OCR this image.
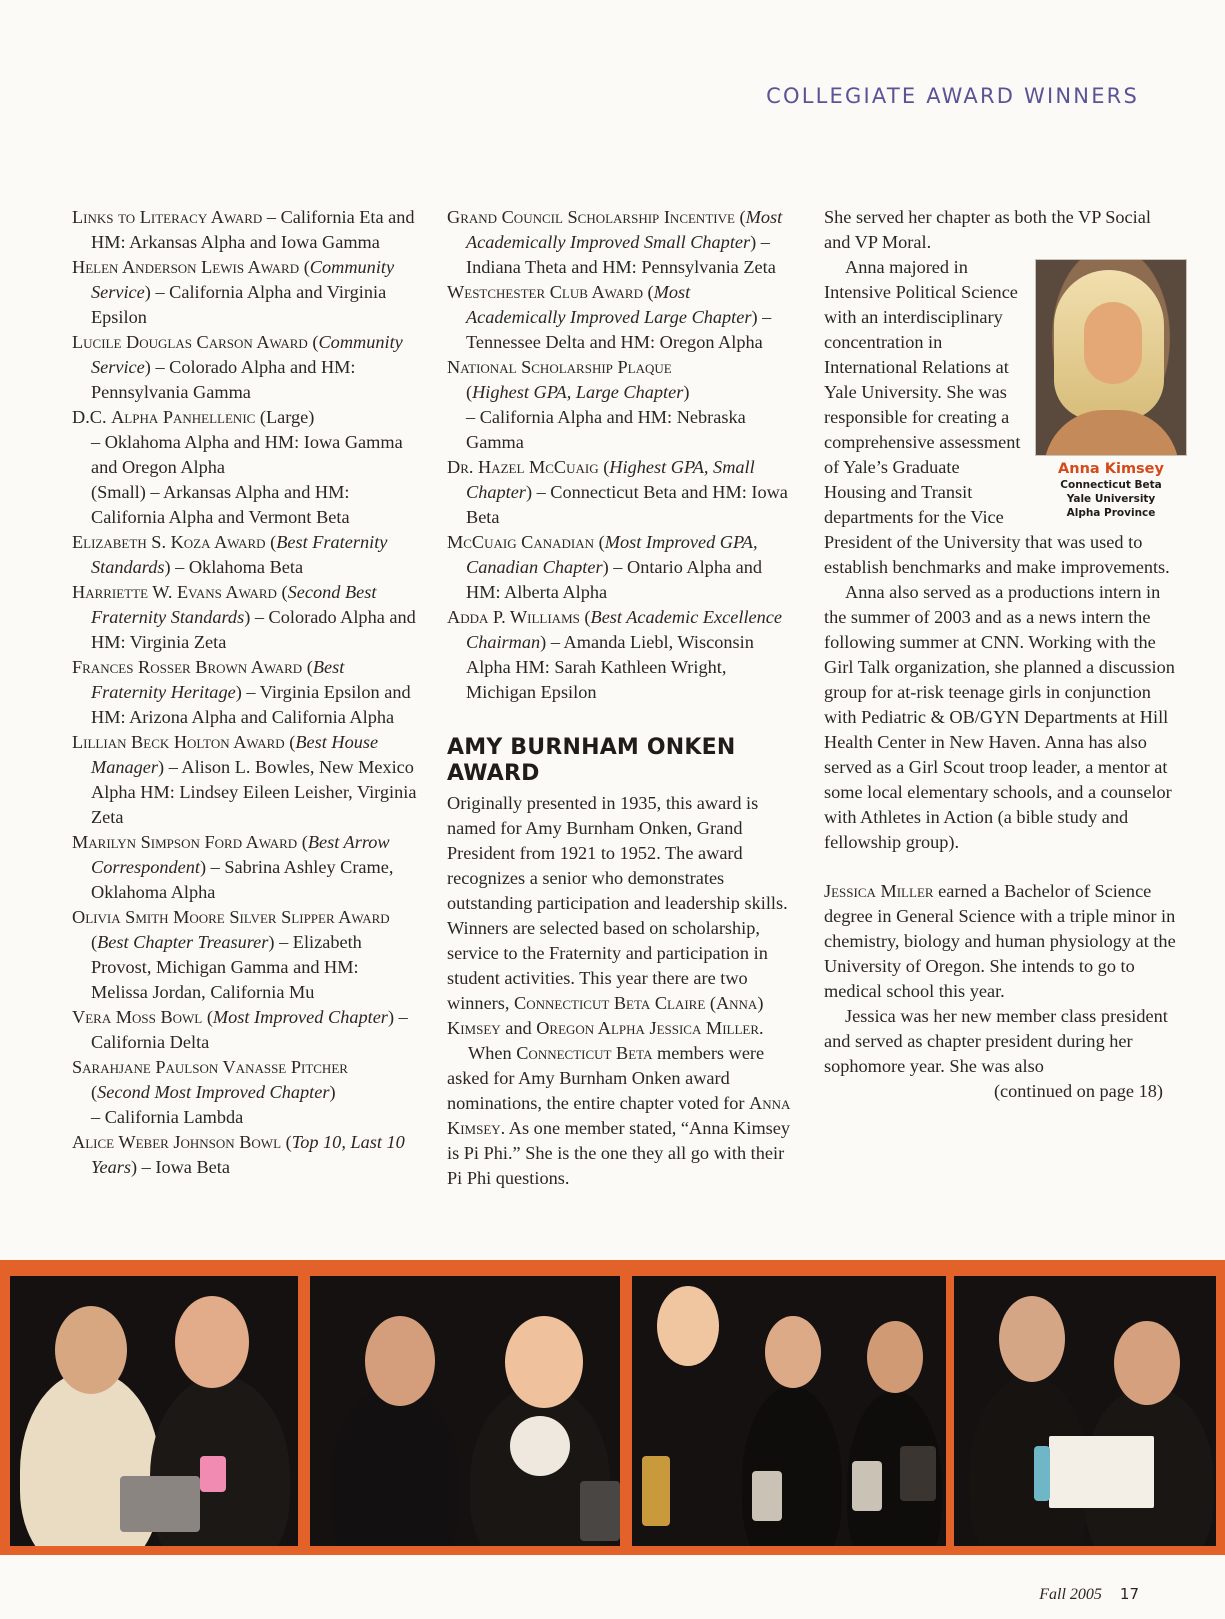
COLLEGIATE AWARD WINNERS

Links to Literacy Award – California Eta and HM: Arkansas Alpha and Iowa Gamma

Helen Anderson Lewis Award (Community Service) – California Alpha and Virginia Epsilon

Lucile Douglas Carson Award (Community Service) – Colorado Alpha and HM: Pennsylvania Gamma

D.C. Alpha Panhellenic (Large)
– Oklahoma Alpha and HM: Iowa Gamma and Oregon Alpha
(Small) – Arkansas Alpha and HM: California Alpha and Vermont Beta

Elizabeth S. Koza Award (Best Fraternity Standards) – Oklahoma Beta

Harriette W. Evans Award (Second Best Fraternity Standards) – Colorado Alpha and HM: Virginia Zeta

Frances Rosser Brown Award (Best Fraternity Heritage) – Virginia Epsilon and HM: Arizona Alpha and California Alpha

Lillian Beck Holton Award (Best House Manager) – Alison L. Bowles, New Mexico Alpha HM: Lindsey Eileen Leisher, Virginia Zeta

Marilyn Simpson Ford Award (Best Arrow Correspondent) – Sabrina Ashley Crame, Oklahoma Alpha

Olivia Smith Moore Silver Slipper Award
(Best Chapter Treasurer) – Elizabeth Provost, Michigan Gamma and HM: Melissa Jordan, California Mu

Vera Moss Bowl (Most Improved Chapter) – California Delta

Sarahjane Paulson Vanasse Pitcher
(Second Most Improved Chapter)
– California Lambda

Alice Weber Johnson Bowl (Top 10, Last 10 Years) – Iowa Beta

Grand Council Scholarship Incentive (Most Academically Improved Small Chapter) – Indiana Theta and HM: Pennsylvania Zeta

Westchester Club Award (Most Academically Improved Large Chapter) – Tennessee Delta and HM: Oregon Alpha

National Scholarship Plaque
(Highest GPA, Large Chapter)
– California Alpha and HM: Nebraska Gamma

Dr. Hazel McCuaig (Highest GPA, Small Chapter) – Connecticut Beta and HM: Iowa Beta

McCuaig Canadian (Most Improved GPA, Canadian Chapter) – Ontario Alpha and HM: Alberta Alpha

Adda P. Williams (Best Academic Excellence Chairman) – Amanda Liebl, Wisconsin Alpha HM: Sarah Kathleen Wright, Michigan Epsilon

AMY BURNHAM ONKEN AWARD

Originally presented in 1935, this award is named for Amy Burnham Onken, Grand President from 1921 to 1952. The award recognizes a senior who demonstrates outstanding participation and leadership skills. Winners are selected based on scholarship, service to the Fraternity and participation in student activities. This year there are two winners, Connecticut Beta Claire (Anna) Kimsey and Oregon Alpha Jessica Miller.

When Connecticut Beta members were asked for Amy Burnham Onken award nominations, the entire chapter voted for Anna Kimsey. As one member stated, “Anna Kimsey is Pi Phi.” She is the one they all go with their Pi Phi questions.

She served her chapter as both the VP Social and VP Moral.

Anna Kimsey
Connecticut Beta
Yale University
Alpha Province

Anna majored in Intensive Political Science with an interdisciplinary concentration in International Relations at Yale University. She was responsible for creating a comprehensive assessment of Yale’s Graduate Housing and Transit departments for the Vice President of the University that was used to establish benchmarks and make improvements.

Anna also served as a productions intern in the summer of 2003 and as a news intern the following summer at CNN. Working with the Girl Talk organization, she planned a discussion group for at-risk teenage girls in conjunction with Pediatric & OB/GYN Departments at Hill Health Center in New Haven. Anna has also served as a Girl Scout troop leader, a mentor at some local elementary schools, and a counselor with Athletes in Action (a bible study and fellowship group).

Jessica Miller earned a Bachelor of Science degree in General Science with a triple minor in chemistry, biology and human physiology at the University of Oregon. She intends to go to medical school this year.

Jessica was her new member class president and served as chapter president during her sophomore year. She was also

(continued on page 18)

Fall 2005 17
